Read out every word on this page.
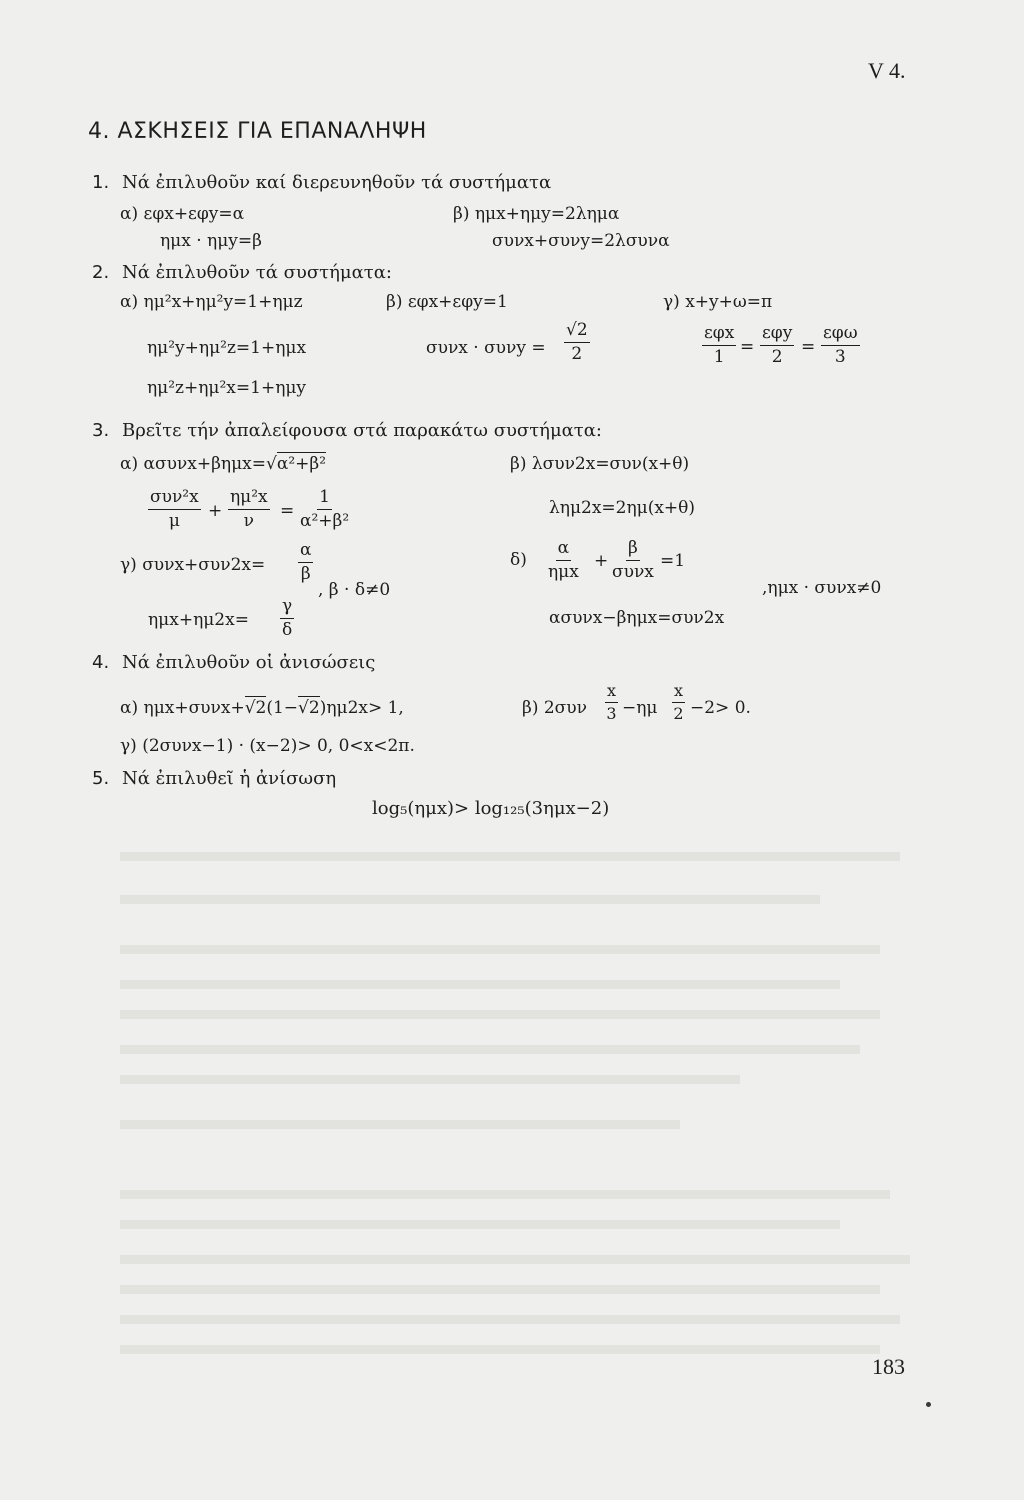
V 4.
4. ΑΣΚΗΣΕΙΣ ΓΙΑ ΕΠΑΝΑΛΗΨΗ
1. Νά ἐπιλυθοῦν καί διερευνηθοῦν τά συστήματα
α) εφx+εφy=α
ημx · ημy=β
β) ημx+ημy=2λημα
συνx+συνy=2λσυνα
2. Νά ἐπιλυθοῦν τά συστήματα:
α) ημ²x+ημ²y=1+ημz
ημ²y+ημ²z=1+ημx
ημ²z+ημ²x=1+ημy
β) εφx+εφy=1
$\sigma\upsilon\nu x \cdot \sigma\upsilon\nu y = \frac{√2}{2}$
γ) x+y+ω=π
εφx
1 =
εφy
2 =
εφω
3
3. Βρεῖτε τήν ἀπαλείφουσα στά παρακάτω συστήματα:
α) ασυνx+βημx=√α²+β²
συν²x
$\mu + \frac{\text{ημ²x}}{\nu} = \frac{1}{\text{α²+β²}}$
β) λσυν2x=συν(x+θ)
λημ2x=2ημ(x+θ)
γ) $\sigma\upsilon\nu x+\sigma\upsilon\nu 2x= \frac{\alpha}{\beta}$
, β · δ≠0
$\eta\mu x+\eta\mu 2x= \frac{\gamma}{\delta}$
δ)
α
ημx
+
β
συνx
=1
,ημx · συνx≠0
ασυνx−βημx=συν2x
4. Νά ἐπιλυθοῦν οἱ ἀνισώσεις
α) ημx+συνx+√2(1−√2)ημ2x> 1,	β) $2\sigma\upsilon\nu \frac{x}{3} -\eta\mu \frac{x}{2} -2> 0$.
γ) (2συνx−1) · (x−2)> 0, 0<x<2π.
5. Νά ἐπιλυθεῖ ἡ ἀνίσωση
log₅(ημx)> log₁₂₅(3ημx−2)
183
